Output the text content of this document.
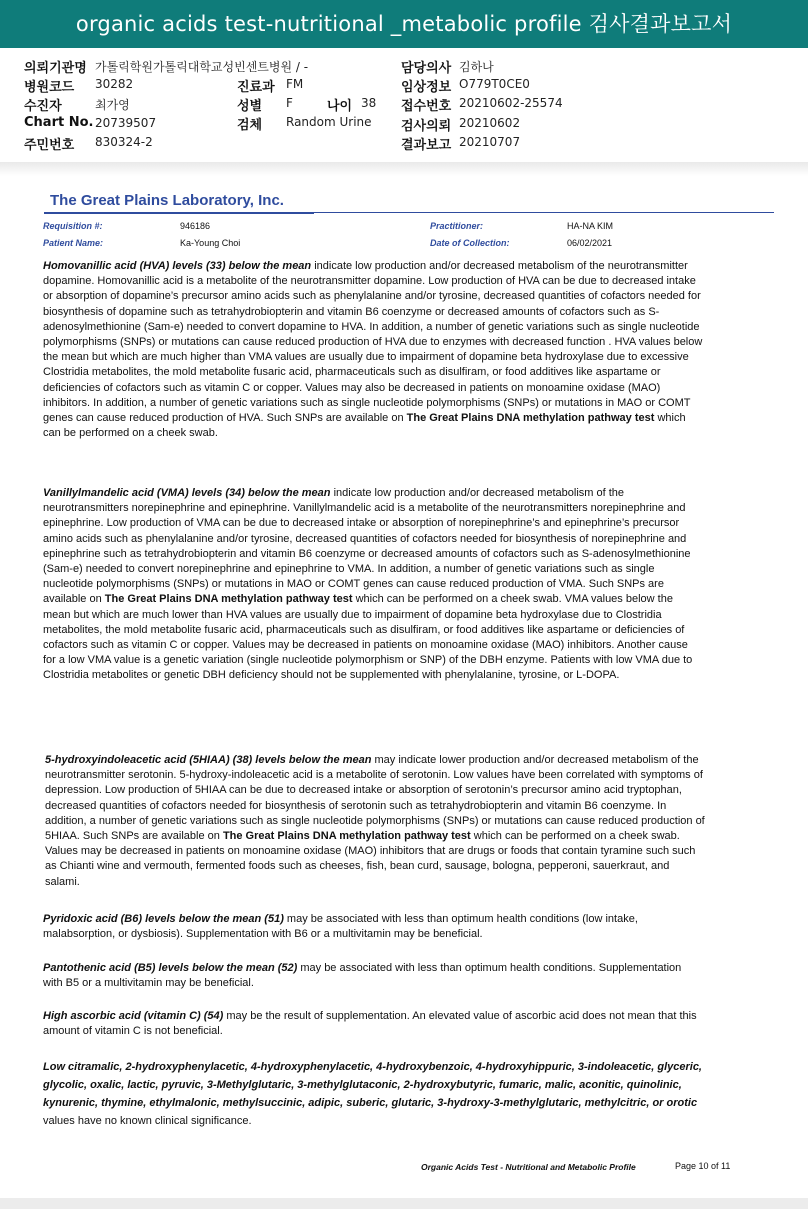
organic acids test-nutritional _metabolic profile 검사결과보고서
의뢰기관명 가톨릭학원가톨릭대학교성빈센트병원 / -
병원코드 30282
수진자	최가영
Chart No. 20739507
주민번호 830324-2
진료과 FM
성별 F	나이 38
검체 Random Urine
담당의사 김하나
임상정보 O779T0CE0
접수번호 20210602-25574
검사의뢰 20210602
결과보고 20210707
The Great Plains Laboratory, Inc.
Requisition #:	946186	Practitioner:	HA-NA KIM
Patient Name:	Ka-Young Choi	Date of Collection:	06/02/2021
Homovanillic acid (HVA) levels (33) below the mean indicate low production and/or decreased metabolism of the neurotransmitter dopamine. Homovanillic acid is a metabolite of the neurotransmitter dopamine. Low production of HVA can be due to decreased intake or absorption of dopamine’s precursor amino acids such as phenylalanine and/or tyrosine, decreased quantities of cofactors needed for biosynthesis of dopamine such as tetrahydrobiopterin and vitamin B6 coenzyme or decreased amounts of cofactors such as S-adenosylmethionine (Sam-e) needed to convert dopamine to HVA. In addition, a number of genetic variations such as single nucleotide polymorphisms (SNPs) or mutations can cause reduced production of HVA due to enzymes with decreased function . HVA values below the mean but which are much higher than VMA values are usually due to impairment of dopamine beta hydroxylase due to excessive Clostridia metabolites, the mold metabolite fusaric acid, pharmaceuticals such as disulfiram, or food additives like aspartame or deficiencies of cofactors such as vitamin C or copper. Values may also be decreased in patients on monoamine oxidase (MAO) inhibitors. In addition, a number of genetic variations such as single nucleotide polymorphisms (SNPs) or mutations in MAO or COMT genes can cause reduced production of HVA. Such SNPs are available on The Great Plains DNA methylation pathway test which can be performed on a cheek swab.
Vanillylmandelic acid (VMA) levels (34) below the mean indicate low production and/or decreased metabolism of the neurotransmitters norepinephrine and epinephrine. Vanillylmandelic acid is a metabolite of the neurotransmitters norepinephrine and epinephrine. Low production of VMA can be due to decreased intake or absorption of norepinephrine’s and epinephrine’s precursor amino acids such as phenylalanine and/or tyrosine, decreased quantities of cofactors needed for biosynthesis of norepinephrine and epinephrine such as tetrahydrobiopterin and vitamin B6 coenzyme or decreased amounts of cofactors such as S-adenosylmethionine (Sam-e) needed to convert norepinephrine and epinephrine to VMA. In addition, a number of genetic variations such as single nucleotide polymorphisms (SNPs) or mutations in MAO or COMT genes can cause reduced production of VMA. Such SNPs are available on The Great Plains DNA methylation pathway test which can be performed on a cheek swab. VMA values below the mean but which are much lower than HVA values are usually due to impairment of dopamine beta hydroxylase due to Clostridia metabolites, the mold metabolite fusaric acid, pharmaceuticals such as disulfiram, or food additives like aspartame or deficiencies of cofactors such as vitamin C or copper. Values may be decreased in patients on monoamine oxidase (MAO) inhibitors. Another cause for a low VMA value is a genetic variation (single nucleotide polymorphism or SNP) of the DBH enzyme. Patients with low VMA due to Clostridia metabolites or genetic DBH deficiency should not be supplemented with phenylalanine, tyrosine, or L-DOPA.
5-hydroxyindoleacetic acid (5HIAA) (38) levels below the mean may indicate lower production and/or decreased metabolism of the neurotransmitter serotonin. 5-hydroxy-indoleacetic acid is a metabolite of serotonin. Low values have been correlated with symptoms of depression. Low production of 5HIAA can be due to decreased intake or absorption of serotonin’s precursor amino acid tryptophan, decreased quantities of cofactors needed for biosynthesis of serotonin such as tetrahydrobiopterin and vitamin B6 coenzyme. In addition, a number of genetic variations such as single nucleotide polymorphisms (SNPs) or mutations can cause reduced production of 5HIAA. Such SNPs are available on The Great Plains DNA methylation pathway test which can be performed on a cheek swab. Values may be decreased in patients on monoamine oxidase (MAO) inhibitors that are drugs or foods that contain tyramine such such as Chianti wine and vermouth, fermented foods such as cheeses, fish, bean curd, sausage, bologna, pepperoni, sauerkraut, and salami.
Pyridoxic acid (B6) levels below the mean (51) may be associated with less than optimum health conditions (low intake, malabsorption, or dysbiosis). Supplementation with B6 or a multivitamin may be beneficial.
Pantothenic acid (B5) levels below the mean (52) may be associated with less than optimum health conditions. Supplementation with B5 or a multivitamin may be beneficial.
High ascorbic acid (vitamin C) (54) may be the result of supplementation. An elevated value of ascorbic acid does not mean that this amount of vitamin C is not beneficial.
Low citramalic, 2-hydroxyphenylacetic, 4-hydroxyphenylacetic, 4-hydroxybenzoic, 4-hydroxyhippuric, 3-indoleacetic, glyceric, glycolic, oxalic, lactic, pyruvic, 3-Methylglutaric, 3-methylglutaconic, 2-hydroxybutyric, fumaric, malic, aconitic, quinolinic, kynurenic, thymine, ethylmalonic, methylsuccinic, adipic, suberic, glutaric, 3-hydroxy-3-methylglutaric, methylcitric, or orotic values have no known clinical significance.
Organic Acids Test - Nutritional and Metabolic Profile	Page 10 of 11
